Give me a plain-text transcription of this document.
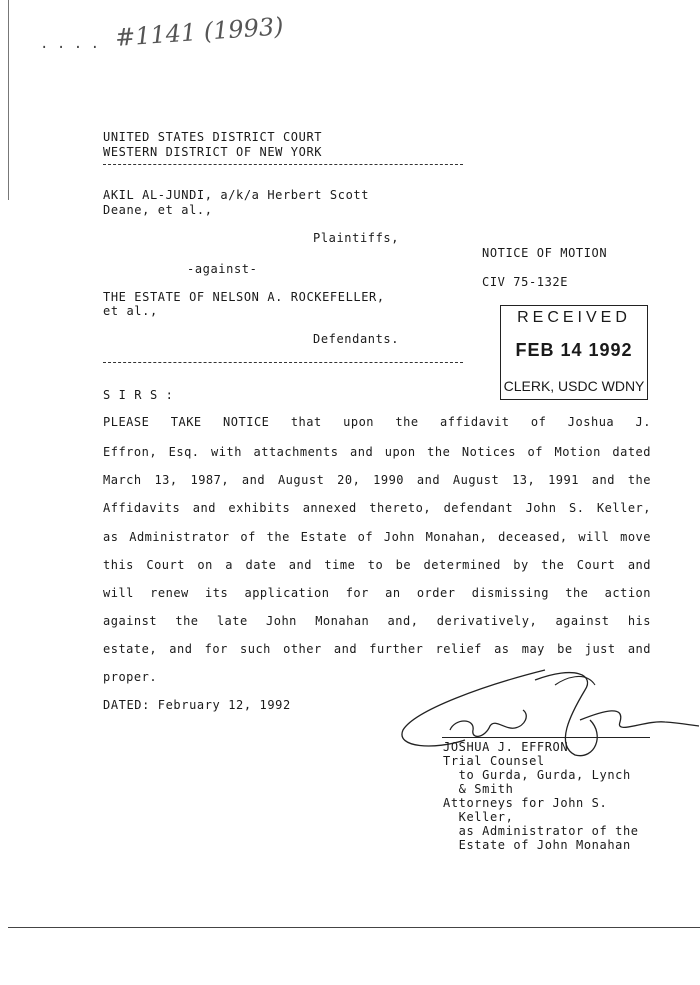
. . . . #1141 (1993)
UNITED STATES DISTRICT COURT
WESTERN DISTRICT OF NEW YORK
AKIL AL-JUNDI, a/k/a Herbert Scott
Deane, et al.,
Plaintiffs,
NOTICE OF MOTION
-against-
CIV 75-132E
THE ESTATE OF NELSON A. ROCKEFELLER,
et al.,	RECEIVED
FEB 14 1992
CLERK, USDC WDNY
Defendants.
S I R S :
PLEASE TAKE NOTICE that upon the affidavit of Joshua J.
Effron, Esq. with attachments and upon the Notices of Motion dated
March 13, 1987, and August 20, 1990 and August 13, 1991 and the
Affidavits and exhibits annexed thereto, defendant John S. Keller,
as Administrator of the Estate of John Monahan, deceased, will move
this Court on a date and time to be determined by the Court and
will renew its application for an order dismissing the action
against the late John Monahan and, derivatively, against his
estate, and for such other and further relief as may be just and
proper.
DATED: February 12, 1992
JOSHUA J. EFFRON
Trial Counsel
to Gurda, Gurda, Lynch
& Smith
Attorneys for John S.
Keller,
as Administrator of the
Estate of John Monahan
